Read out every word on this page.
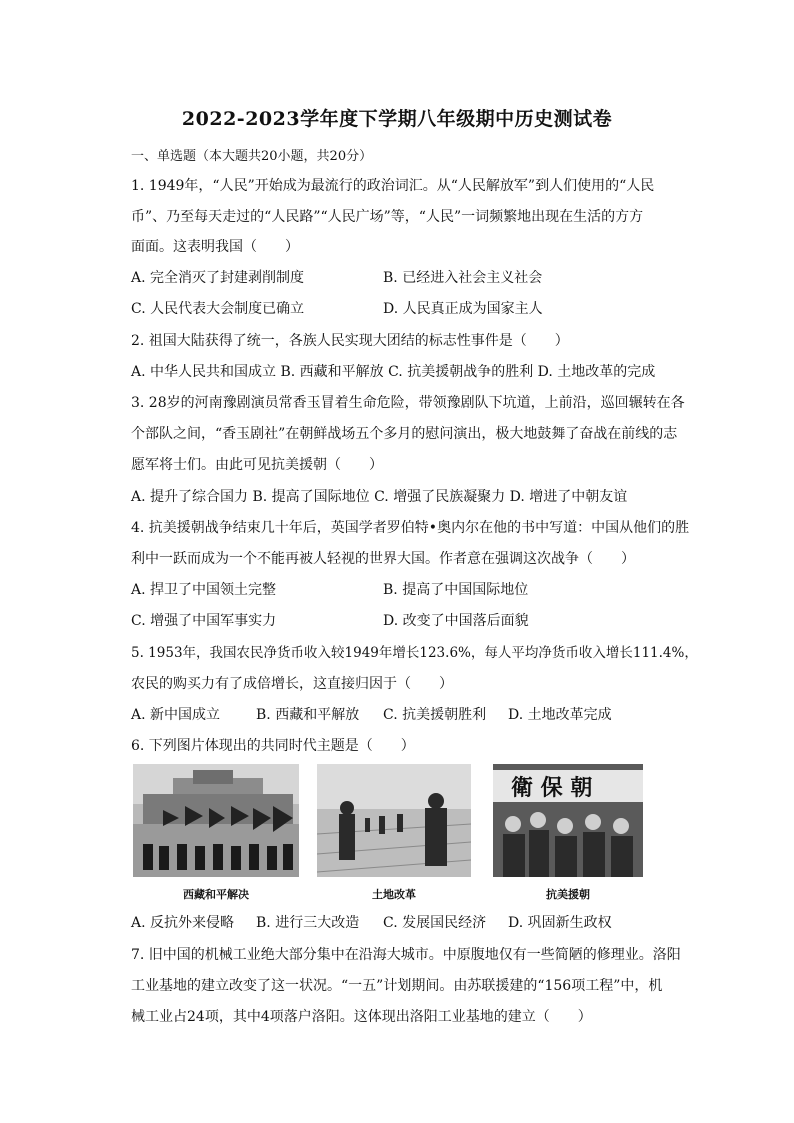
2022-2023学年度下学期八年级期中历史测试卷
一、单选题（本大题共20小题，共20分）
1. 1949年，“人民”开始成为最流行的政治词汇。从“人民解放军”到人们使用的“人民
币”、乃至每天走过的“人民路”“人民广场”等，“人民”一词频繁地出现在生活的方方
面面。这表明我国（　　）
A. 完全消灭了封建剥削制度	B. 已经进入社会主义社会
C. 人民代表大会制度已确立	D. 人民真正成为国家主人
2. 祖国大陆获得了统一，各族人民实现大团结的标志性事件是（　　）
A. 中华人民共和国成立 B. 西藏和平解放 C. 抗美援朝战争的胜利 D. 土地改革的完成
3. 28岁的河南豫剧演员常香玉冒着生命危险，带领豫剧队下坑道，上前沿，巡回辗转在各
个部队之间，“香玉剧社”在朝鲜战场五个多月的慰问演出，极大地鼓舞了奋战在前线的志
愿军将士们。由此可见抗美援朝（　　）
A. 提升了综合国力 B. 提高了国际地位 C. 增强了民族凝聚力 D. 增进了中朝友谊
4. 抗美援朝战争结束几十年后，英国学者罗伯特•奥内尔在他的书中写道：中国从他们的胜
利中一跃而成为一个不能再被人轻视的世界大国。作者意在强调这次战争（　　）
A. 捍卫了中国领土完整	B. 提高了中国国际地位
C. 增强了中国军事实力	D. 改变了中国落后面貌
5. 1953年，我国农民净货币收入较1949年增长123.6%，每人平均净货币收入增长111.4%，
农民的购买力有了成倍增长，这直接归因于（　　）
A. 新中国成立	B. 西藏和平解放 C. 抗美援朝胜利 D. 土地改革完成
6. 下列图片体现出的共同时代主题是（　　）
西藏和平解决	土地改革
衛 保 朝
抗美援朝
A. 反抗外来侵略 B. 进行三大改造 C. 发展国民经济 D. 巩固新生政权
7. 旧中国的机械工业绝大部分集中在沿海大城市。中原腹地仅有一些简陋的修理业。洛阳
工业基地的建立改变了这一状况。“一五”计划期间。由苏联援建的“156项工程”中，机
械工业占24项，其中4项落户洛阳。这体现出洛阳工业基地的建立（　　）
